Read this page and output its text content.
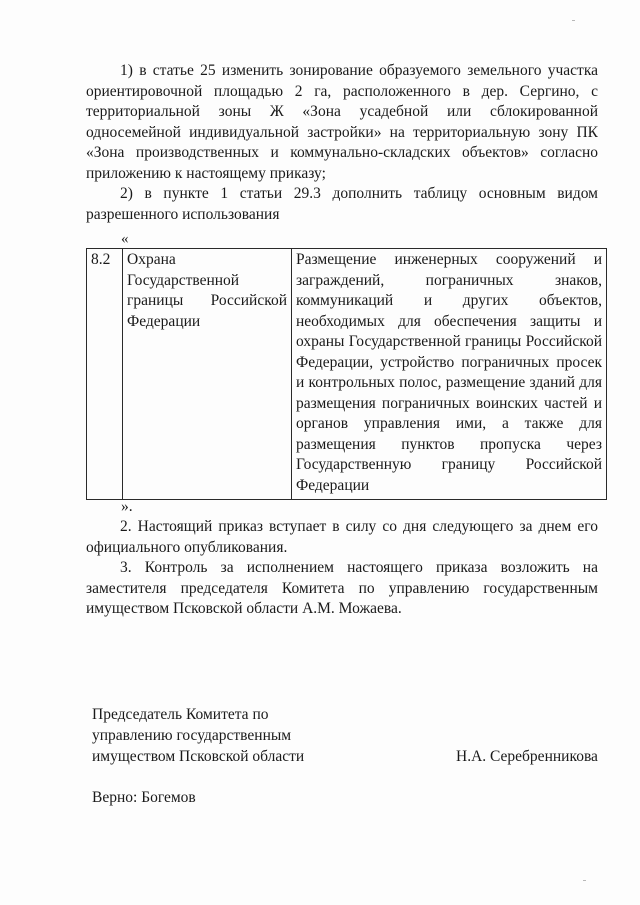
1) в статье 25 изменить зонирование образуемого земельного участка ориентировочной площадью 2 га, расположенного в дер. Сергино, с территориальной зоны Ж «Зона усадебной или сблокированной односемейной индивидуальной застройки» на территориальную зону ПК «Зона производственных и коммунально-складских объектов» согласно приложению к настоящему приказу;

2) в пункте 1 статьи 29.3 дополнить таблицу основным видом разрешенного использования

«
8.2	Охрана Государственной границы Российской Федерации	Размещение инженерных сооружений и заграждений, пограничных знаков, коммуникаций и других объектов, необходимых для обеспечения защиты и охраны Государственной границы Российской Федерации, устройство пограничных просек и контрольных полос, размещение зданий для размещения пограничных воинских частей и органов управления ими, а также для размещения пунктов пропуска через Государственную границу Российской Федерации
».

2. Настоящий приказ вступает в силу со дня следующего за днем его официального опубликования.

3. Контроль за исполнением настоящего приказа возложить на заместителя председателя Комитета по управлению государственным имуществом Псковской области А.М. Можаева.

Председатель Комитета по
управлению государственным
имуществом Псковской области	Н.А. Серебренникова
Верно: Богемов
